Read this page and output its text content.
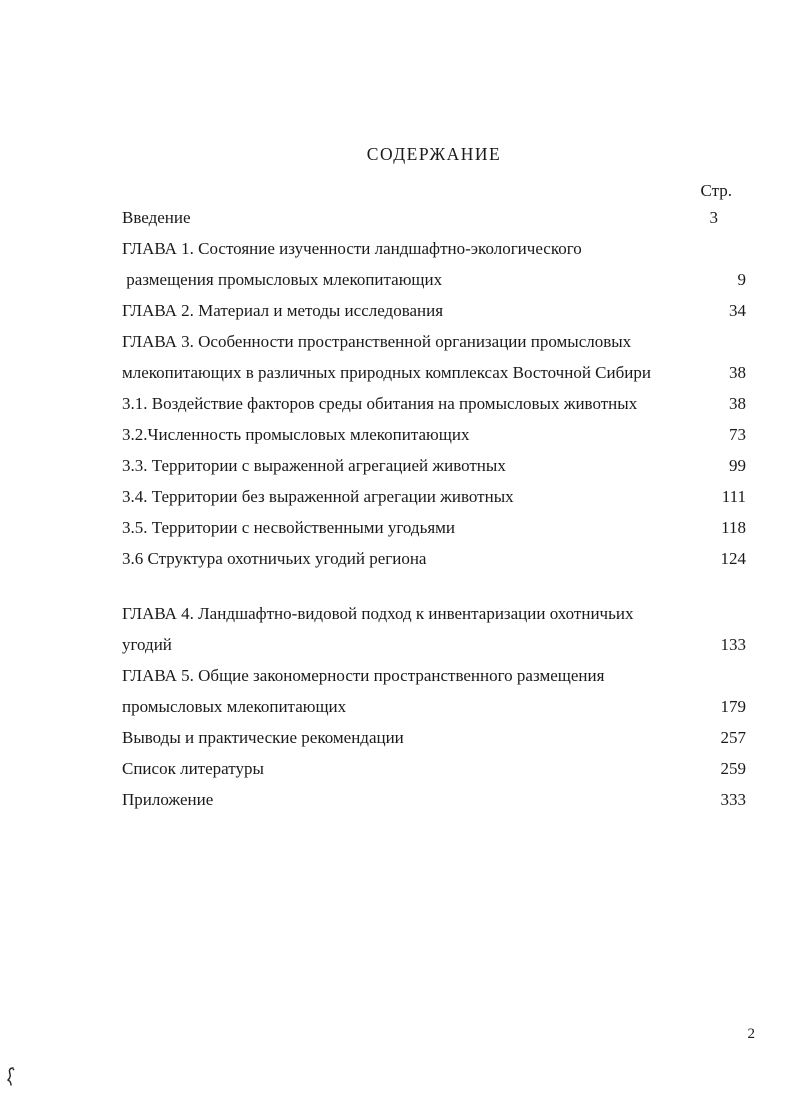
СОДЕРЖАНИЕ
Стр.
Введение	3
ГЛАВА 1. Состояние изученности ландшафтно-экологического
размещения промысловых млекопитающих	9
ГЛАВА 2. Материал и методы исследования	34
ГЛАВА 3. Особенности пространственной организации промысловых
млекопитающих в различных природных комплексах Восточной Сибири	38
3.1. Воздействие факторов среды обитания на промысловых животных	38
3.2.Численность промысловых млекопитающих	73
3.3. Территории с выраженной агрегацией животных	99
3.4. Территории без выраженной агрегации животных	111
3.5. Территории с несвойственными угодьями	118
3.6 Структура охотничьих угодий региона	124
ГЛАВА 4. Ландшафтно-видовой подход к инвентаризации охотничьих
угодий	133
ГЛАВА 5. Общие закономерности пространственного размещения
промысловых млекопитающих	179
Выводы и практические рекомендации	257
Список литературы	259
Приложение	333
2
